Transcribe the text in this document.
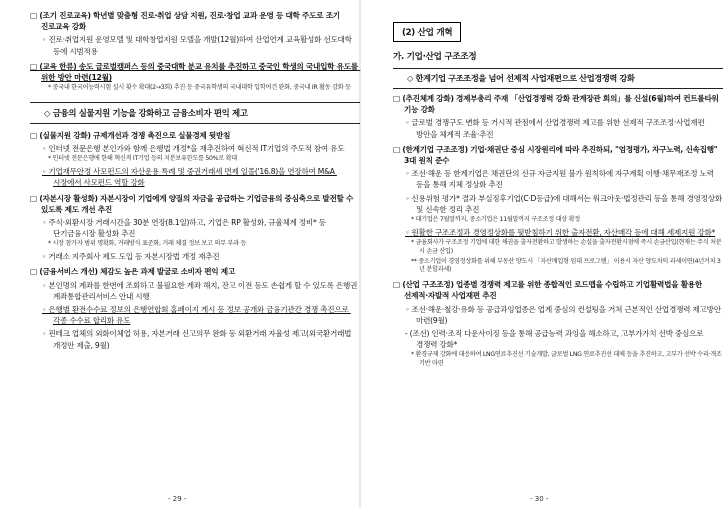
□ (조기 진로교육) 학년별 맞춤형 진로·취업 상담 지원, 진로·창업 교과 운영 등 대학 주도로 조기 진로교육 강화
◦ 진로·취업지원 운영모델 및 대학창업지원 모델을 개발(12월)하여 산업연계 교육활성화 선도대학 등에 시범적용
□ (교육 한류) 송도 글로벌캠퍼스 등의 중국대학 분교 유치를 추진하고 중국인 학생의 국내입학 유도를 위한 방안 마련(12월)
* 중국내 한국어능력시험 실시 횟수 확대(2→3회) 추진 등 중국유학생의 국내대학 입학여건 완화, 중국내 IR 활동 강화 등
◇ 금융의 실물지원 기능을 강화하고 금융소비자 편익 제고
□ (실물지원 강화) 규제개선과 경쟁 촉진으로 실물경제 뒷받침
◦ 인터넷 전문은행 본인가와 함께 은행법 개정*을 재추진하여 혁신적 IT기업의 주도적 참여 유도
* 인터넷 전문은행에 한해 혁신적 IT기업 등의 지분보유한도를 50%로 확대
◦ 기업재무안정 사모펀드의 자산운용 특례 및 중권거래세 면제 일몰('16.8)을 연장하여 M&A 시장에서 사모펀드 역할 강화
□ (자본시장 활성화) 자본시장이 기업에게 양질의 자금을 공급하는 기업금융의 중심축으로 발전할 수 있도록 제도 개선 추진
◦ 주식·외환시장 거래시간을 30분 연장(8.1일)하고, 기업은 RP 활성화, 규율체계 정비* 등 단기금융시장 활성화 추진
* 시장 참가자 범위 명확화, 거래방식 표준화, 거래 체결 정보 보고 의무 부과 등
◦ 거래소 지주회사 제도 도입 등 자본시장법 개정 재추진
□ (금융서비스 개선) 체감도 높은 과제 발굴로 소비자 편익 제고
◦ 본인명의 계좌를 한번에 조회하고 불필요한 계좌 해지, 잔고 이전 등도 손쉽게 할 수 있도록 은행권 계좌통합관리서비스 안내 시행
◦ 은행별 환전수수료 정보의 은행연합회 홈페이지 게시 등 정보 공개와 금융기관간 경쟁 촉진으로 각종 수수료 합리화 유도
◦ 핀테크 업체의 외화이체업 허용, 자본거래 신고의무 완화 등 외환거래 자율성 제고(외국환거래법 개정안 제출, 9월)
(2) 산업 개혁
가. 기업·산업 구조조정
◇ 한계기업 구조조정을 넘어 선제적 사업재편으로 산업경쟁력 강화
□ (추진체계 강화) 경제부총리 주재 「산업경쟁력 강화 관계장관 회의」를 신설(6월)하여 컨트롤타워 기능 강화
◦ 글로벌 경쟁구도 변화 등 거시적 관점에서 산업경쟁력 제고를 위한 선제적 구조조정·사업재편 방안을 체계적 조율·추진
□ (한계기업 구조조정) 기업·채권단 중심 시장원리에 따라 추진하되, "엄정평가, 자구노력, 신속집행" 3대 원칙 준수
◦ 조선·해운 등 한계기업은 채권단의 신규 자금지원 불가 원칙하에 자구계획 이행·채무재조정 노력 등을 통해 지체 정상화 추진
◦ 신용위험 평가* 결과 부실징후기업(C·D등급)에 대해서는 워크아웃·법정관리 등을 통해 경영정상화 및 신속한 정리 추진
* 대기업은 7월말까지, 중소기업은 11월말까지 구조조정 대상 확정
◦ 원활한 구조조정과 경영정상화를 뒷받침하기 위한 출자전환, 자산매각 등에 대해 세제지원 강화*
* 금융회사가 구조조정 기업에 대한 채권을 출자전환하고 발생하는 손실을 출자전환시점에 즉시 손금산입(현재는 주식 처분시 손금 산입)
** 중소기업이 경영정상화를 위해 부동산 양도시 「자산매입형 임대 프로그램」 이용시 자산 양도차익 과세이연(4년거치 3년 분할과세)
□ (산업 구조조정) 업종별 경쟁력 제고를 위한 종합적인 로드맵을 수립하고 기업활력법을 활용한 선제적·자발적 사업재편 추진
◦ 조선·해운·철강·유화 등 공급과잉업종은 업계 중심의 컨설팅을 거쳐 근본적인 산업경쟁력 제고방안 마련(9월)
- (조선) 인력·조직 다운사이징 등을 통해 공급능력 과잉을 해소하고, 고부가가치 선박 중심으로 경쟁력 강화*
* 환경규제 강화에 대응하여 LNG연료추진선 기술개발, 글로벌 LNG 연료추진선 대체 등을 추진하고, 고부가 선박 수리·개조 기반 마련
- 29 -	- 30 -
